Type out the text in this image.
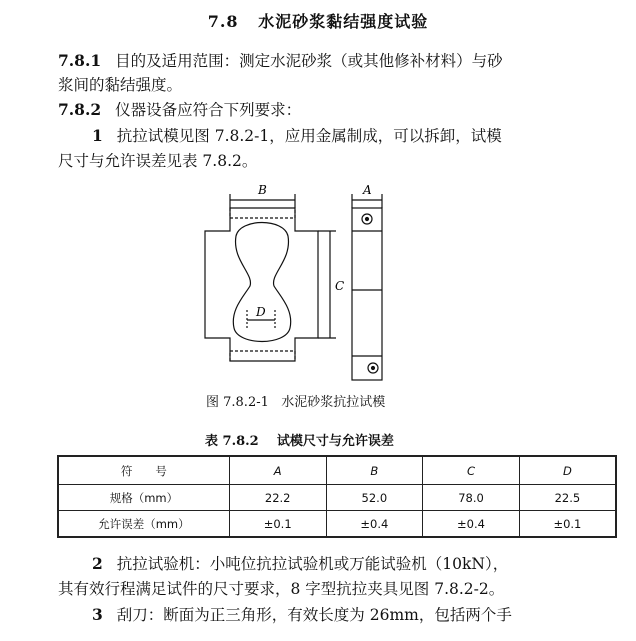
7.8 水泥砂浆黏结强度试验
7.8.1 目的及适用范围：测定水泥砂浆（或其他修补材料）与砂
浆间的黏结强度。
7.8.2 仪器设备应符合下列要求：
1 抗拉试模见图 7.8.2-1，应用金属制成，可以拆卸，试模
尺寸与允许误差见表 7.8.2。
B	A
C
D
图 7.8.2-1 水泥砂浆抗拉试模
表 7.8.2 试模尺寸与允许误差
符　　号	A	B	C	D
规格（mm）	22.2	52.0	78.0	22.5
允许误差（mm）	±0.1	±0.4	±0.4	±0.1
2 抗拉试验机：小吨位抗拉试验机或万能试验机（10kN），
其有效行程满足试件的尺寸要求，8 字型抗拉夹具见图 7.8.2-2。
3 刮刀：断面为正三角形，有效长度为 26mm，包括两个手
